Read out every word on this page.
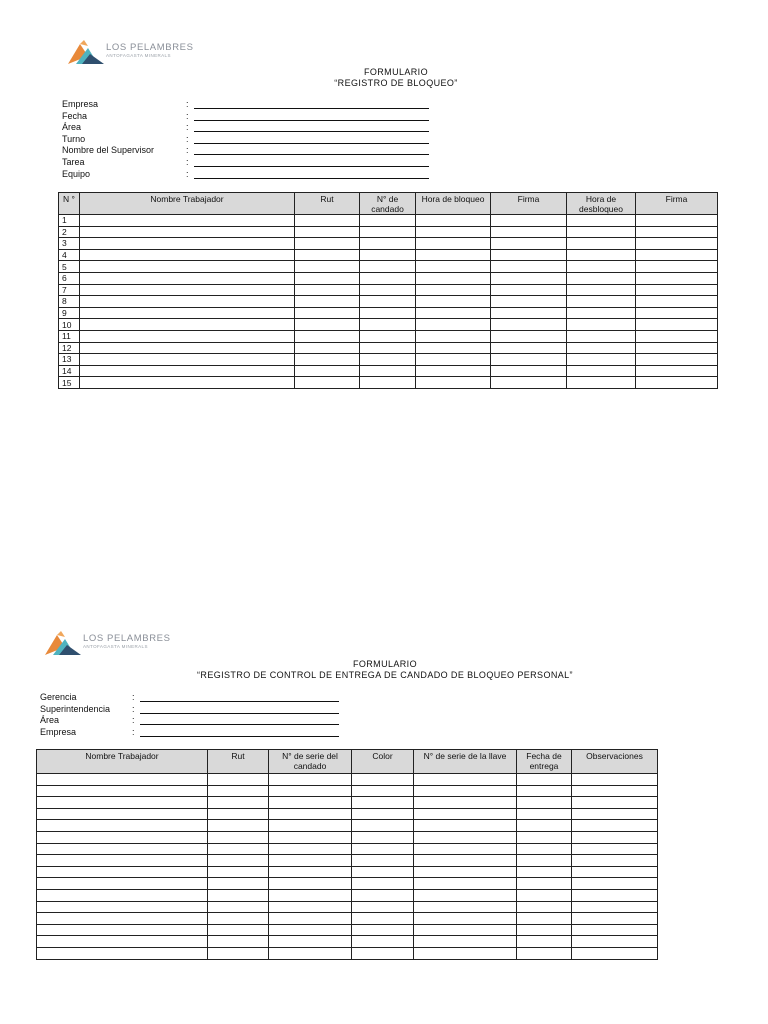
LOS PELAMBRES
ANTOFAGASTA MINERALS
FORMULARIO
“REGISTRO DE BLOQUEO”
Empresa	:
Fecha	:
Área	:
Turno	:
Nombre del Supervisor	:
Tarea	:
Equipo	:
N °	Nombre Trabajador	Rut	N° de candado	Hora de bloqueo	Firma	Hora de desbloqueo	Firma
1							
2							
3							
4							
5							
6							
7							
8							
9							
10							
11							
12							
13							
14							
15							
LOS PELAMBRES
ANTOFAGASTA MINERALS
FORMULARIO
“REGISTRO DE CONTROL DE ENTREGA DE CANDADO DE BLOQUEO PERSONAL”
Gerencia	:
Superintendencia :
Área	:
Empresa	:
Nombre Trabajador	Rut	N° de serie del candado	Color	N° de serie de la llave	Fecha de entrega	Observaciones
